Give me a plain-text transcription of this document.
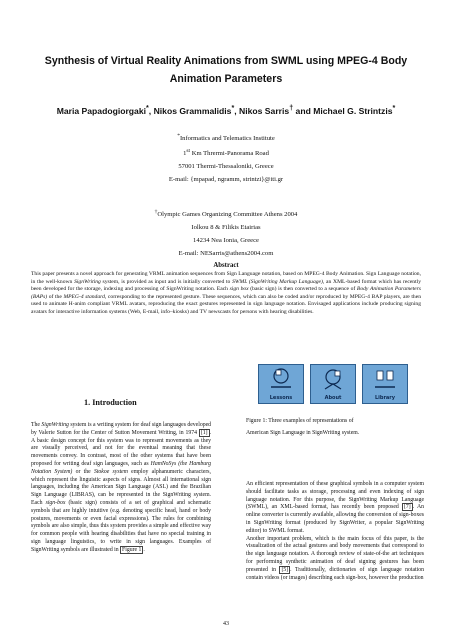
Synthesis of Virtual Reality Animations from SWML using MPEG-4 Body
Animation Parameters
Maria Papadogiorgaki*, Nikos Grammalidis*, Nikos Sarris† and Michael G. Strintzis*
*Informatics and Telematics Institute
1st Km Thrermi-Panorama Road
57001 Thermi-Thessaloniki, Greece
E-mail: {mpapad, ngramm, strintzi}@iti.gr
†Olympic Games Organizing Committee Athens 2004
Iolkou 8 & Filikis Etairias
14234 Nea Ionia, Greece
E-mail: NESarris@athens2004.com
Abstract
This paper presents a novel approach for generating VRML animation sequences from Sign Language notation, based on MPEG-4 Body Animation. Sign Language notation, in the well-known SignWriting system, is provided as input and is initially converted to SWML (SignWriting Markup Language), an XML-based format which has recently been developed for the storage, indexing and processing of SignWriting notation. Each sign box (basic sign) is then converted to a sequence of Body Animation Parameters (BAPs) of the MPEG-4 standard, corresponding to the represented gesture. These sequences, which can also be coded and/or reproduced by MPEG-4 BAP players, are then used to animate H-anim compliant VRML avatars, reproducing the exact gestures represented in sign language notation. Envisaged applications include producing signing avatars for interactive information systems (Web, E-mail, info–kiosks) and TV newscasts for persons with hearing disabilities.
1. Introduction
The SignWriting system is a writing system for deaf sign languages developed by Valerie Sutton for the Center of Sutton Movement Writing, in 1974 [1] . A basic design concept for this system was to represent movements as they are visually perceived, and not for the eventual meaning that these movements convey. In contrast, most of the other systems that have been proposed for writing deaf sign languages, such as HamNoSys (the Hamburg Notation System) or the Stokoe system employ alphanumeric characters, which represent the linguistic aspects of signs. Almost all international sign languages, including the American Sign Language (ASL) and the Brazilian Sign Language (LIBRAS), can be represented in the SignWriting system. Each sign-box (basic sign) consists of a set of graphical and schematic symbols that are highly intuitive (e.g. denoting specific head, hand or body postures, movements or even facial expressions). The rules for combining symbols are also simple, thus this system provides a simple and effective way for common people with hearing disabilities that have no special training in sign language linguistics, to write in sign languages. Examples of SignWriting symbols are illustrated in Figure 1 .
Lessons	About	Library
Figure 1: Three examples of representations of
American Sign Language in SignWriting system.
An efficient representation of these graphical symbols in a computer system should facilitate tasks as storage, processing and even indexing of sign language notation. For this purpose, the SignWriting Markup Language (SWML), an XML-based format, has recently been proposed [7] . An online converter is currently available, allowing the conversion of sign-boxes in SignWriting format (produced by SignWriter, a popular SignWriting editor) to SWML format.
Another important problem, which is the main focus of this paper, is the visualization of the actual gestures and body movements that correspond to the sign language notation. A thorough review of state-of-the art techniques for performing synthetic animation of deaf signing gestures has been presented in [5] . Traditionally, dictionaries of sign language notation contain videos (or images) describing each sign-box, however the production
43
